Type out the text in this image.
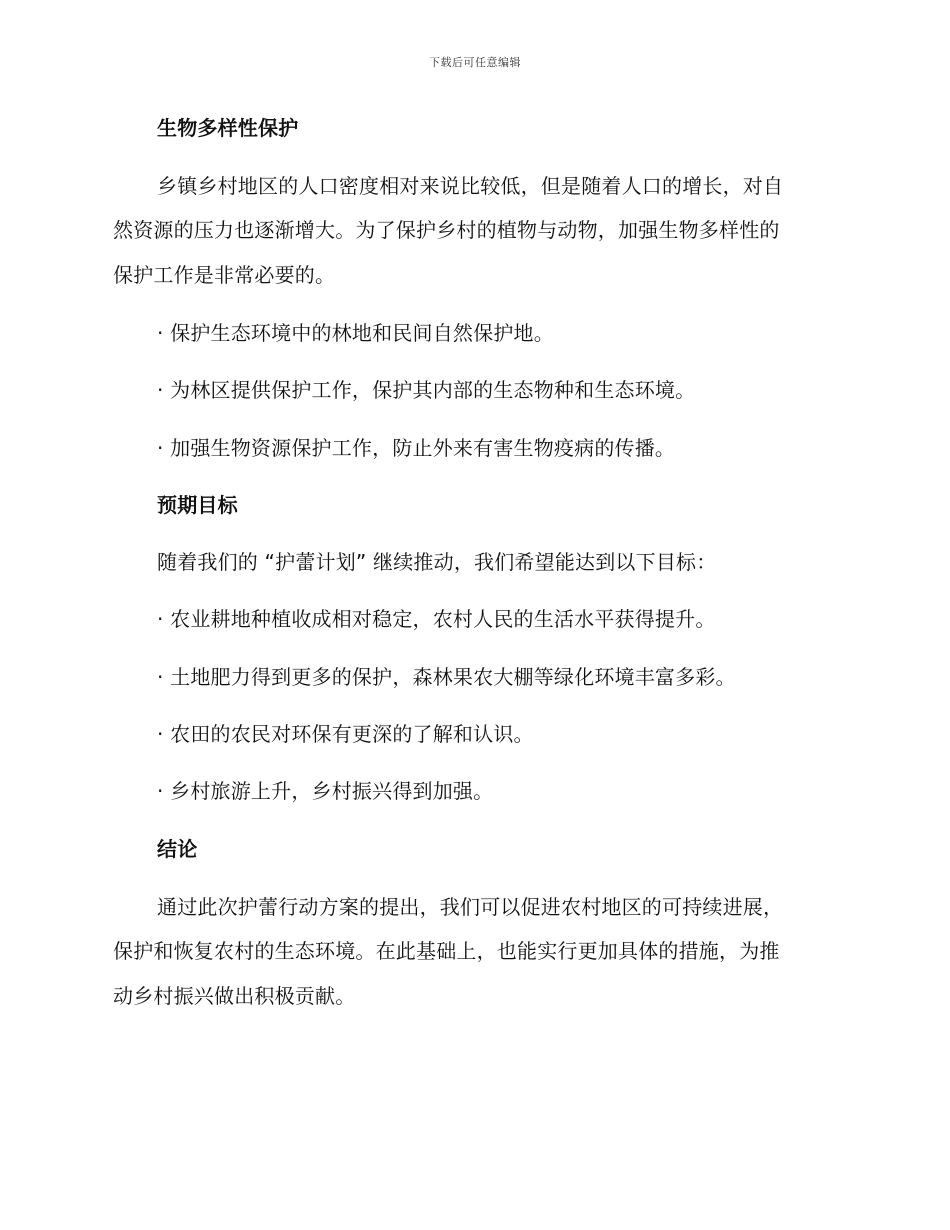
下载后可任意编辑
生物多样性保护
乡镇乡村地区的人口密度相对来说比较低，但是随着人口的增长，对自
然资源的压力也逐渐增大。为了保护乡村的植物与动物，加强生物多样性的
保护工作是非常必要的。
· 保护生态环境中的林地和民间自然保护地。
· 为林区提供保护工作，保护其内部的生态物种和生态环境。
· 加强生物资源保护工作，防止外来有害生物疫病的传播。
预期目标
随着我们的 “护蕾计划” 继续推动，我们希望能达到以下目标：
· 农业耕地种植收成相对稳定，农村人民的生活水平获得提升。
· 土地肥力得到更多的保护，森林果农大棚等绿化环境丰富多彩。
· 农田的农民对环保有更深的了解和认识。
· 乡村旅游上升，乡村振兴得到加强。
结论
通过此次护蕾行动方案的提出，我们可以促进农村地区的可持续进展，
保护和恢复农村的生态环境。在此基础上，也能实行更加具体的措施，为推
动乡村振兴做出积极贡献。
